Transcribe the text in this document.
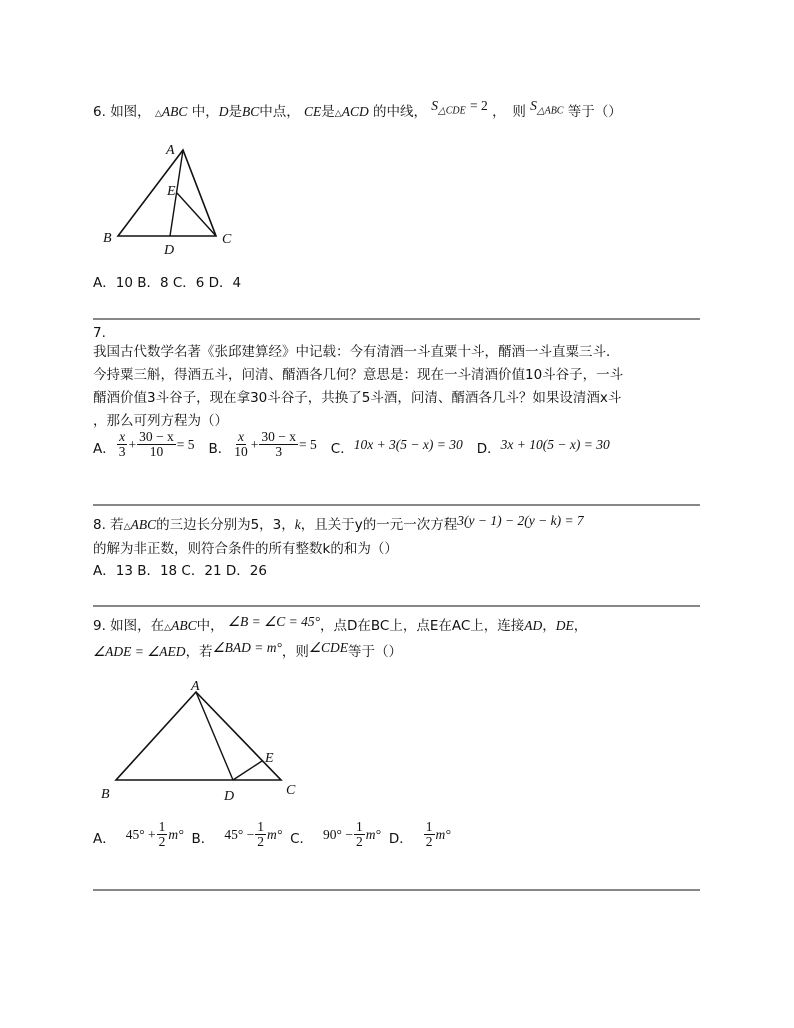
6. 如图， △ABC 中，D是BC中点， CE是△ACD 的中线， $S_{\triangle CDE} = 2$ ，　则 $S_{\triangle ABC}$ 等于（）
A
B	C
D
E
A．10 B．8 C．6 D．4
7.
我国古代数学名著《张邱建算经》中记载：今有清酒一斗直粟十斗，醑酒一斗直粟三斗．
今持粟三斛，得酒五斗，问清、醑酒各几何？意思是：现在一斗清酒价值10斗谷子，一斗
醑酒价值3斗谷子，现在拿30斗谷子，共换了5斗酒，问清、醑酒各几斗？如果设清酒x斗
，那么可列方程为（）
A． $\frac{x}{3} + \frac{30 - x}{10} = 5$ B． $\frac{x}{10} + \frac{30 - x}{3} = 5$ C． 10x + 3(5 − x) = 30 D． 3x + 10(5 − x) = 30
8. 若△ABC的三边长分别为5，3，k，且关于y的一元一次方程3(y − 1) − 2(y − k) = 7
的解为非正数，则符合条件的所有整数k的和为（）
A．13 B．18 C．21 D．26
9. 如图，在△ABC中， ∠B = ∠C = 45°，点D在BC上，点E在AC上，连接AD，DE，
∠ADE = ∠AED，若∠BAD = m°，则∠CDE等于（）
A
B	C
D
E
A． $45^\circ + \frac{1}{2} m^\circ$ B． $45^\circ - \frac{1}{2} m^\circ$ C． $90^\circ - \frac{1}{2} m^\circ$ D． $\frac{1}{2} m^\circ$
